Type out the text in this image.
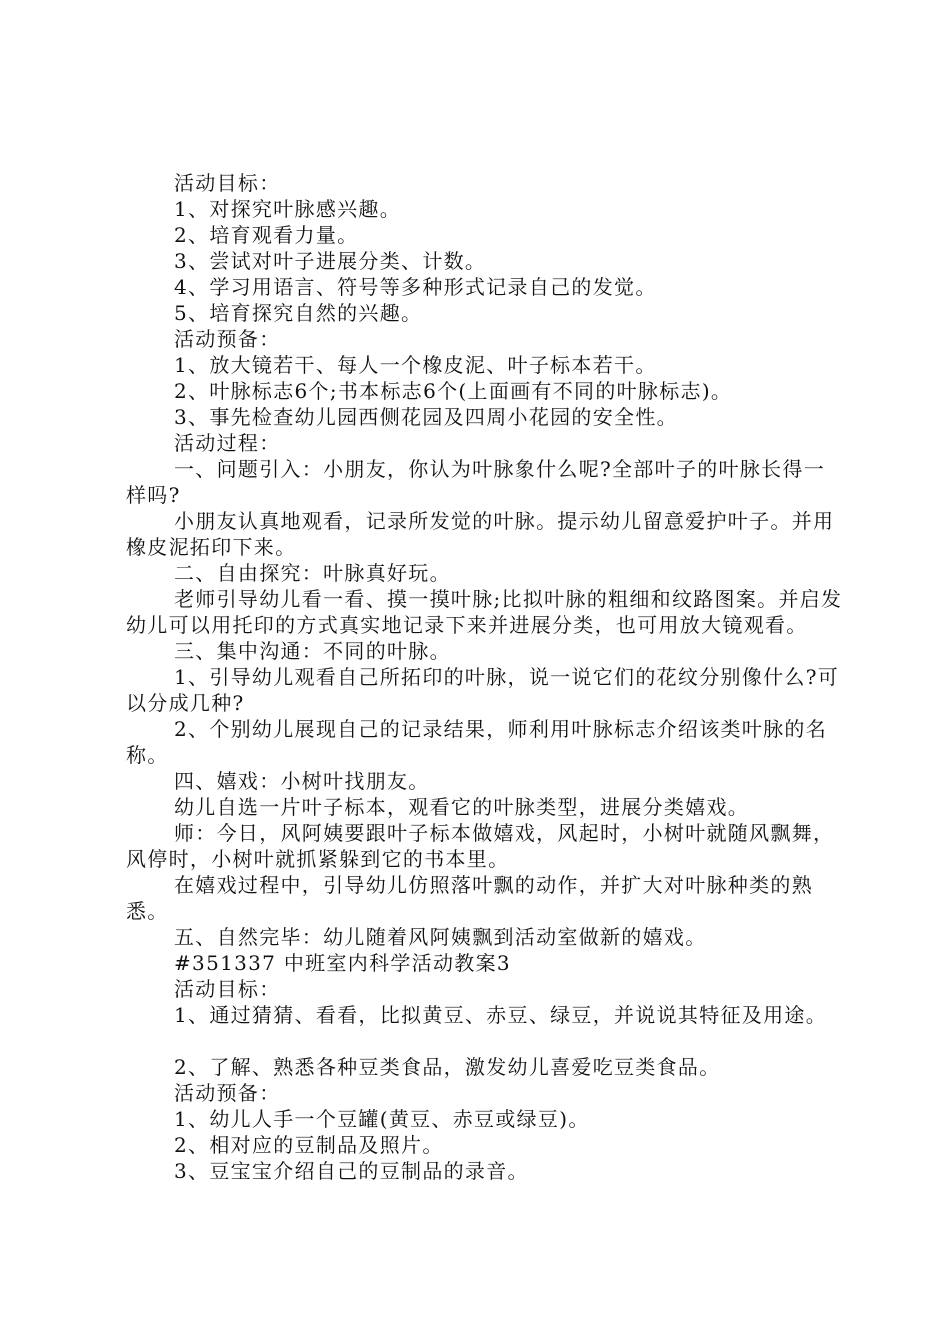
活动目标：

1、对探究叶脉感兴趣。

2、培育观看力量。

3、尝试对叶子进展分类、计数。

4、学习用语言、符号等多种形式记录自己的发觉。

5、培育探究自然的兴趣。

活动预备：

1、放大镜若干、每人一个橡皮泥、叶子标本若干。

2、叶脉标志6个;书本标志6个(上面画有不同的叶脉标志)。

3、事先检查幼儿园西侧花园及四周小花园的安全性。

活动过程：

一、问题引入：小朋友，你认为叶脉象什么呢?全部叶子的叶脉长得一样吗?

小朋友认真地观看，记录所发觉的叶脉。提示幼儿留意爱护叶子。并用橡皮泥拓印下来。

二、自由探究：叶脉真好玩。

老师引导幼儿看一看、摸一摸叶脉;比拟叶脉的粗细和纹路图案。并启发幼儿可以用托印的方式真实地记录下来并进展分类，也可用放大镜观看。

三、集中沟通：不同的叶脉。

1、引导幼儿观看自己所拓印的叶脉，说一说它们的花纹分别像什么?可以分成几种?

2、个别幼儿展现自己的记录结果，师利用叶脉标志介绍该类叶脉的名称。

四、嬉戏：小树叶找朋友。

幼儿自选一片叶子标本，观看它的叶脉类型，进展分类嬉戏。

师：今日，风阿姨要跟叶子标本做嬉戏，风起时，小树叶就随风飘舞，风停时，小树叶就抓紧躲到它的书本里。

在嬉戏过程中，引导幼儿仿照落叶飘的动作，并扩大对叶脉种类的熟悉。

五、自然完毕：幼儿随着风阿姨飘到活动室做新的嬉戏。

#351337 中班室内科学活动教案3

活动目标：

1、通过猜猜、看看，比拟黄豆、赤豆、绿豆，并说说其特征及用途。

2、了解、熟悉各种豆类食品，激发幼儿喜爱吃豆类食品。

活动预备：

1、幼儿人手一个豆罐(黄豆、赤豆或绿豆)。

2、相对应的豆制品及照片。

3、豆宝宝介绍自己的豆制品的录音。
